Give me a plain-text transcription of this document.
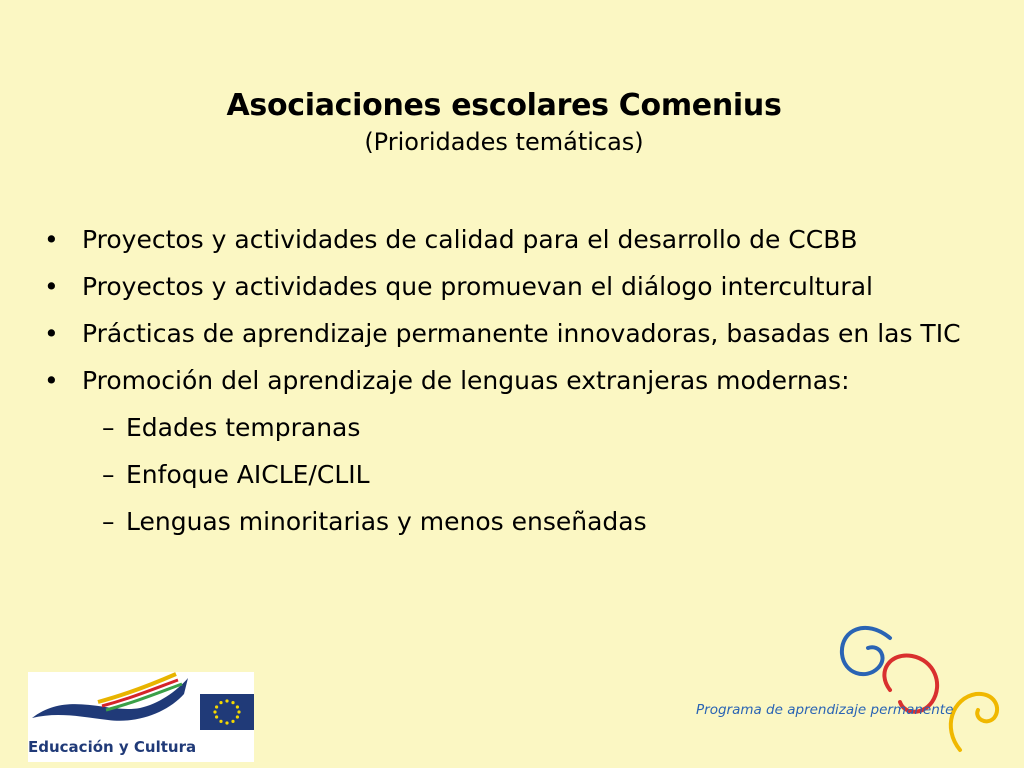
Asociaciones escolares Comenius
(Prioridades temáticas)
• Proyectos y actividades de calidad para el desarrollo de CCBB
• Proyectos y actividades que promuevan el diálogo intercultural
• Prácticas de aprendizaje permanente innovadoras, basadas en las TIC
• Promoción del aprendizaje de lenguas extranjeras modernas:
– Edades tempranas
– Enfoque AICLE/CLIL
– Lenguas minoritarias y menos enseñadas
Educación y Cultura
Programa de aprendizaje permanente
